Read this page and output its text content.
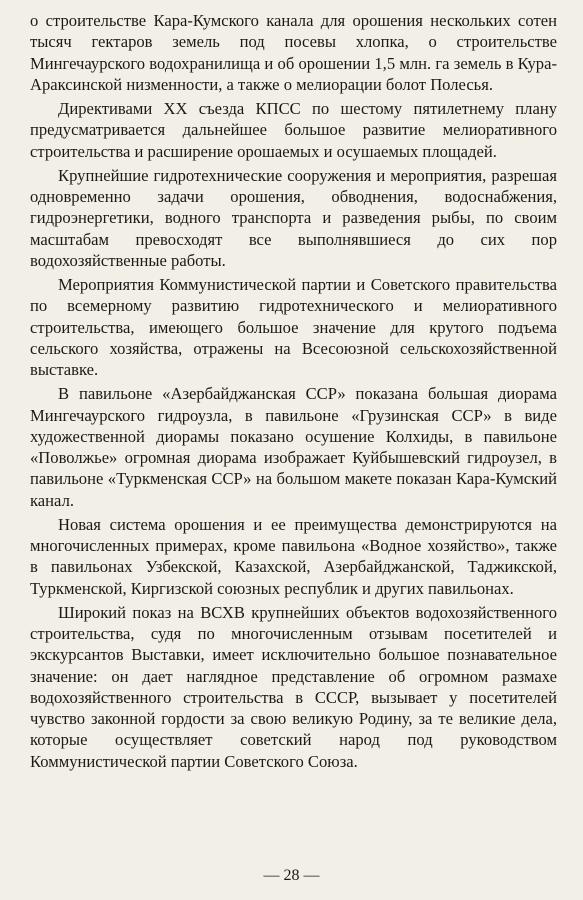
о строительстве Кара-Кумского канала для орошения нескольких сотен тысяч гектаров земель под посевы хлопка, о строительстве Мингечаурского водохранилища и об орошении 1,5 млн. га земель в Кура-Араксинской низменности, а также о мелиорации болот Полесья.

Директивами XX съезда КПСС по шестому пятилетнему плану предусматривается дальнейшее большое развитие мелиоративного строительства и расширение орошаемых и осушаемых площадей.

Крупнейшие гидротехнические сооружения и мероприятия, разрешая одновременно задачи орошения, обводнения, водоснабжения, гидроэнергетики, водного транспорта и разведения рыбы, по своим масштабам превосходят все выполнявшиеся до сих пор водохозяйственные работы.

Мероприятия Коммунистической партии и Советского правительства по всемерному развитию гидротехнического и мелиоративного строительства, имеющего большое значение для крутого подъема сельского хозяйства, отражены на Всесоюзной сельскохозяйственной выставке.

В павильоне «Азербайджанская ССР» показана большая диорама Мингечаурского гидроузла, в павильоне «Грузинская ССР» в виде художественной диорамы показано осушение Колхиды, в павильоне «Поволжье» огромная диорама изображает Куйбышевский гидроузел, в павильоне «Туркменская ССР» на большом макете показан Кара-Кумский канал.

Новая система орошения и ее преимущества демонстрируются на многочисленных примерах, кроме павильона «Водное хозяйство», также в павильонах Узбекской, Казахской, Азербайджанской, Таджикской, Туркменской, Киргизской союзных республик и других павильонах.

Широкий показ на ВСХВ крупнейших объектов водохозяйственного строительства, судя по многочисленным отзывам посетителей и экскурсантов Выставки, имеет исключительно большое познавательное значение: он дает наглядное представление об огромном размахе водохозяйственного строительства в СССР, вызывает у посетителей чувство законной гордости за свою великую Родину, за те великие дела, которые осуществляет советский народ под руководством Коммунистической партии Советского Союза.

— 28 —
